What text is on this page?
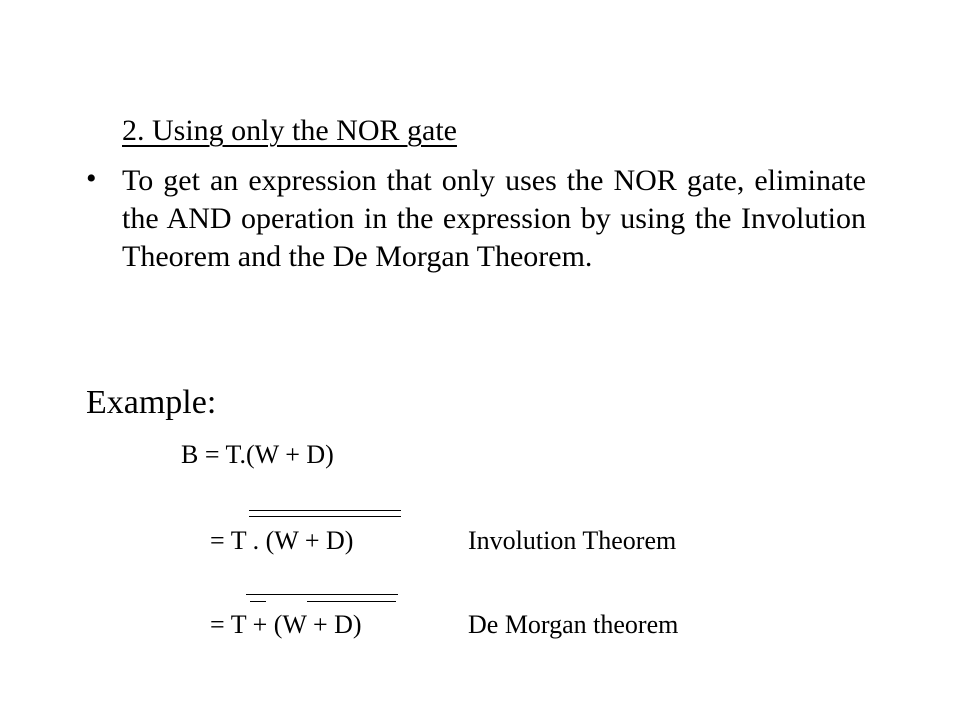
2. Using only the NOR gate
• To get an expression that only uses the NOR gate, eliminate the AND operation in the expression by using the Involution Theorem and the De Morgan Theorem.
Example:
B = T.(W + D)
= T . (W + D)	Involution Theorem
= T + (W + D)	De Morgan theorem
